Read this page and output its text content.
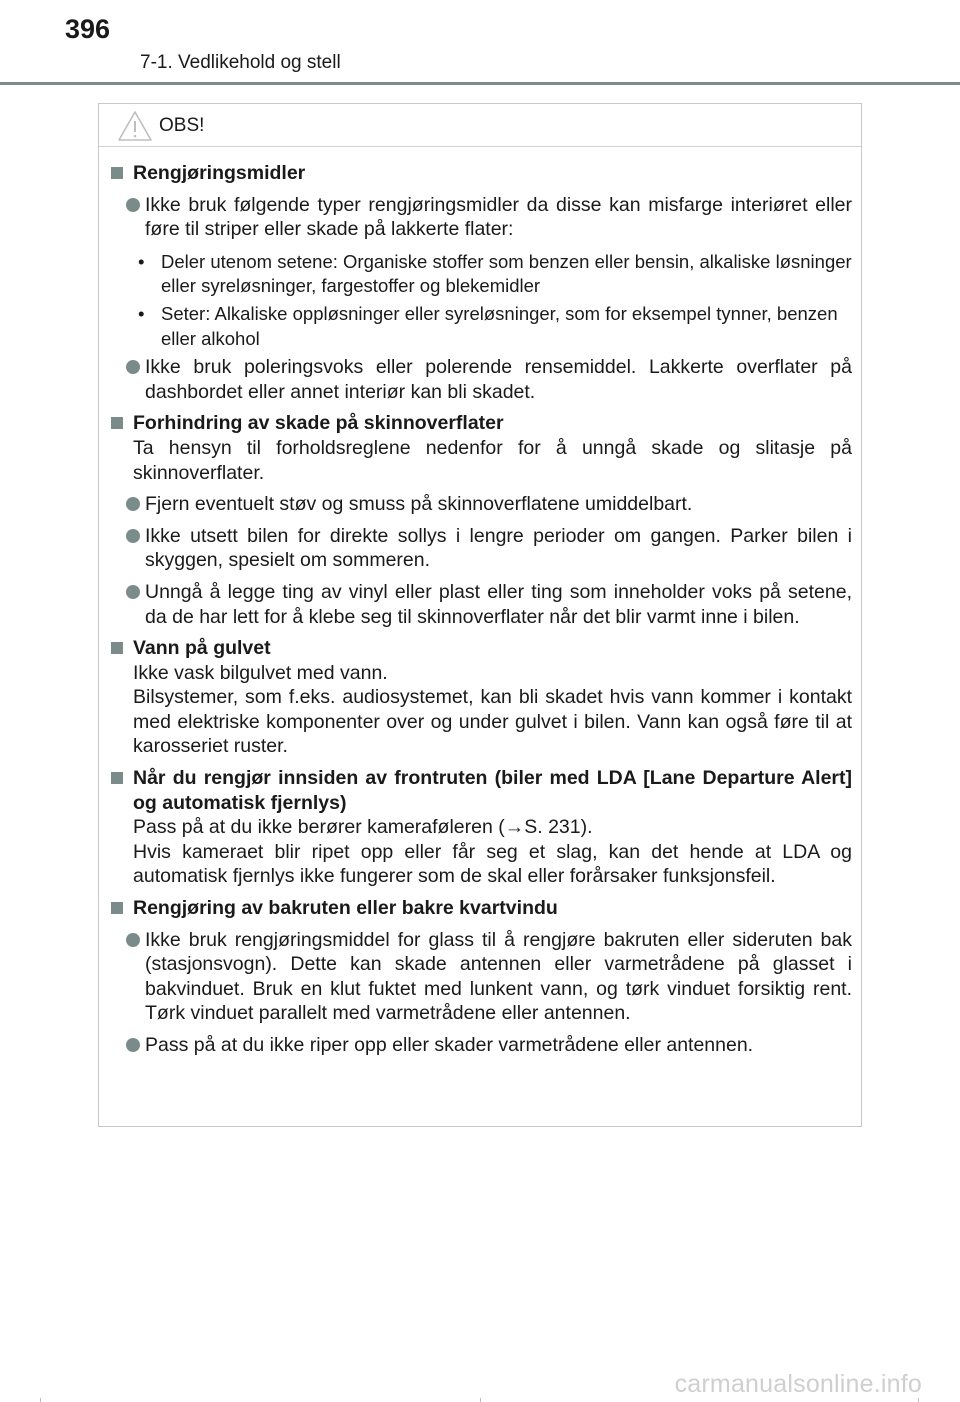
396
7-1. Vedlikehold og stell
OBS!
Rengjøringsmidler
Ikke bruk følgende typer rengjøringsmidler da disse kan misfarge interiøret eller føre til striper eller skade på lakkerte flater:
• Deler utenom setene: Organiske stoffer som benzen eller bensin, alkaliske løsninger eller syreløsninger, fargestoffer og blekemidler
• Seter: Alkaliske oppløsninger eller syreløsninger, som for eksempel tynner, benzen eller alkohol
Ikke bruk poleringsvoks eller polerende rensemiddel. Lakkerte overflater på dashbordet eller annet interiør kan bli skadet.
Forhindring av skade på skinnoverflater
Ta hensyn til forholdsreglene nedenfor for å unngå skade og slitasje på skinnoverflater.
Fjern eventuelt støv og smuss på skinnoverflatene umiddelbart.
Ikke utsett bilen for direkte sollys i lengre perioder om gangen. Parker bilen i skyggen, spesielt om sommeren.
Unngå å legge ting av vinyl eller plast eller ting som inneholder voks på setene, da de har lett for å klebe seg til skinnoverflater når det blir varmt inne i bilen.
Vann på gulvet
Ikke vask bilgulvet med vann.
Bilsystemer, som f.eks. audiosystemet, kan bli skadet hvis vann kommer i kontakt med elektriske komponenter over og under gulvet i bilen. Vann kan også føre til at karosseriet ruster.
Når du rengjør innsiden av frontruten (biler med LDA [Lane Departure Alert] og automatisk fjernlys)
Pass på at du ikke berører kameraføleren (→S. 231).
Hvis kameraet blir ripet opp eller får seg et slag, kan det hende at LDA og automatisk fjernlys ikke fungerer som de skal eller forårsaker funksjonsfeil.
Rengjøring av bakruten eller bakre kvartvindu
Ikke bruk rengjøringsmiddel for glass til å rengjøre bakruten eller sideruten bak (stasjonsvogn). Dette kan skade antennen eller varmetrådene på glasset i bakvinduet. Bruk en klut fuktet med lunkent vann, og tørk vinduet forsiktig rent. Tørk vinduet parallelt med varmetrådene eller antennen.
Pass på at du ikke riper opp eller skader varmetrådene eller antennen.
carmanualsonline.info
